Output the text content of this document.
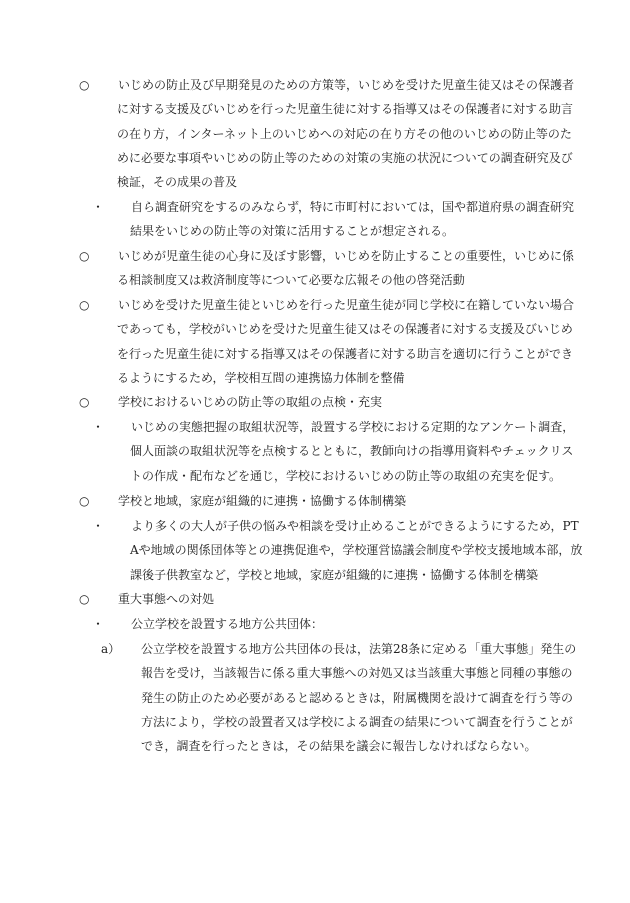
○ いじめの防止及び早期発見のための方策等，いじめを受けた児童生徒又はその保護者に対する支援及びいじめを行った児童生徒に対する指導又はその保護者に対する助言の在り方，インターネット上のいじめへの対応の在り方その他のいじめの防止等のために必要な事項やいじめの防止等のための対策の実施の状況についての調査研究及び検証，その成果の普及
・ 自ら調査研究をするのみならず，特に市町村においては，国や都道府県の調査研究結果をいじめの防止等の対策に活用することが想定される。
○ いじめが児童生徒の心身に及ぼす影響，いじめを防止することの重要性，いじめに係る相談制度又は救済制度等について必要な広報その他の啓発活動
○ いじめを受けた児童生徒といじめを行った児童生徒が同じ学校に在籍していない場合であっても，学校がいじめを受けた児童生徒又はその保護者に対する支援及びいじめを行った児童生徒に対する指導又はその保護者に対する助言を適切に行うことができるようにするため，学校相互間の連携協力体制を整備
○ 学校におけるいじめの防止等の取組の点検・充実
・ いじめの実態把握の取組状況等，設置する学校における定期的なアンケート調査，個人面談の取組状況等を点検するとともに，教師向けの指導用資料やチェックリストの作成・配布などを通じ，学校におけるいじめの防止等の取組の充実を促す。
○ 学校と地域，家庭が組織的に連携・協働する体制構築
・ より多くの大人が子供の悩みや相談を受け止めることができるようにするため，PTAや地域の関係団体等との連携促進や，学校運営協議会制度や学校支援地域本部，放課後子供教室など，学校と地域，家庭が組織的に連携・協働する体制を構築
○ 重大事態への対処
・ 公立学校を設置する地方公共団体：
a） 公立学校を設置する地方公共団体の長は，法第28条に定める「重大事態」発生の報告を受け，当該報告に係る重大事態への対処又は当該重大事態と同種の事態の発生の防止のため必要があると認めるときは，附属機関を設けて調査を行う等の方法により，学校の設置者又は学校による調査の結果について調査を行うことができ，調査を行ったときは，その結果を議会に報告しなければならない。
